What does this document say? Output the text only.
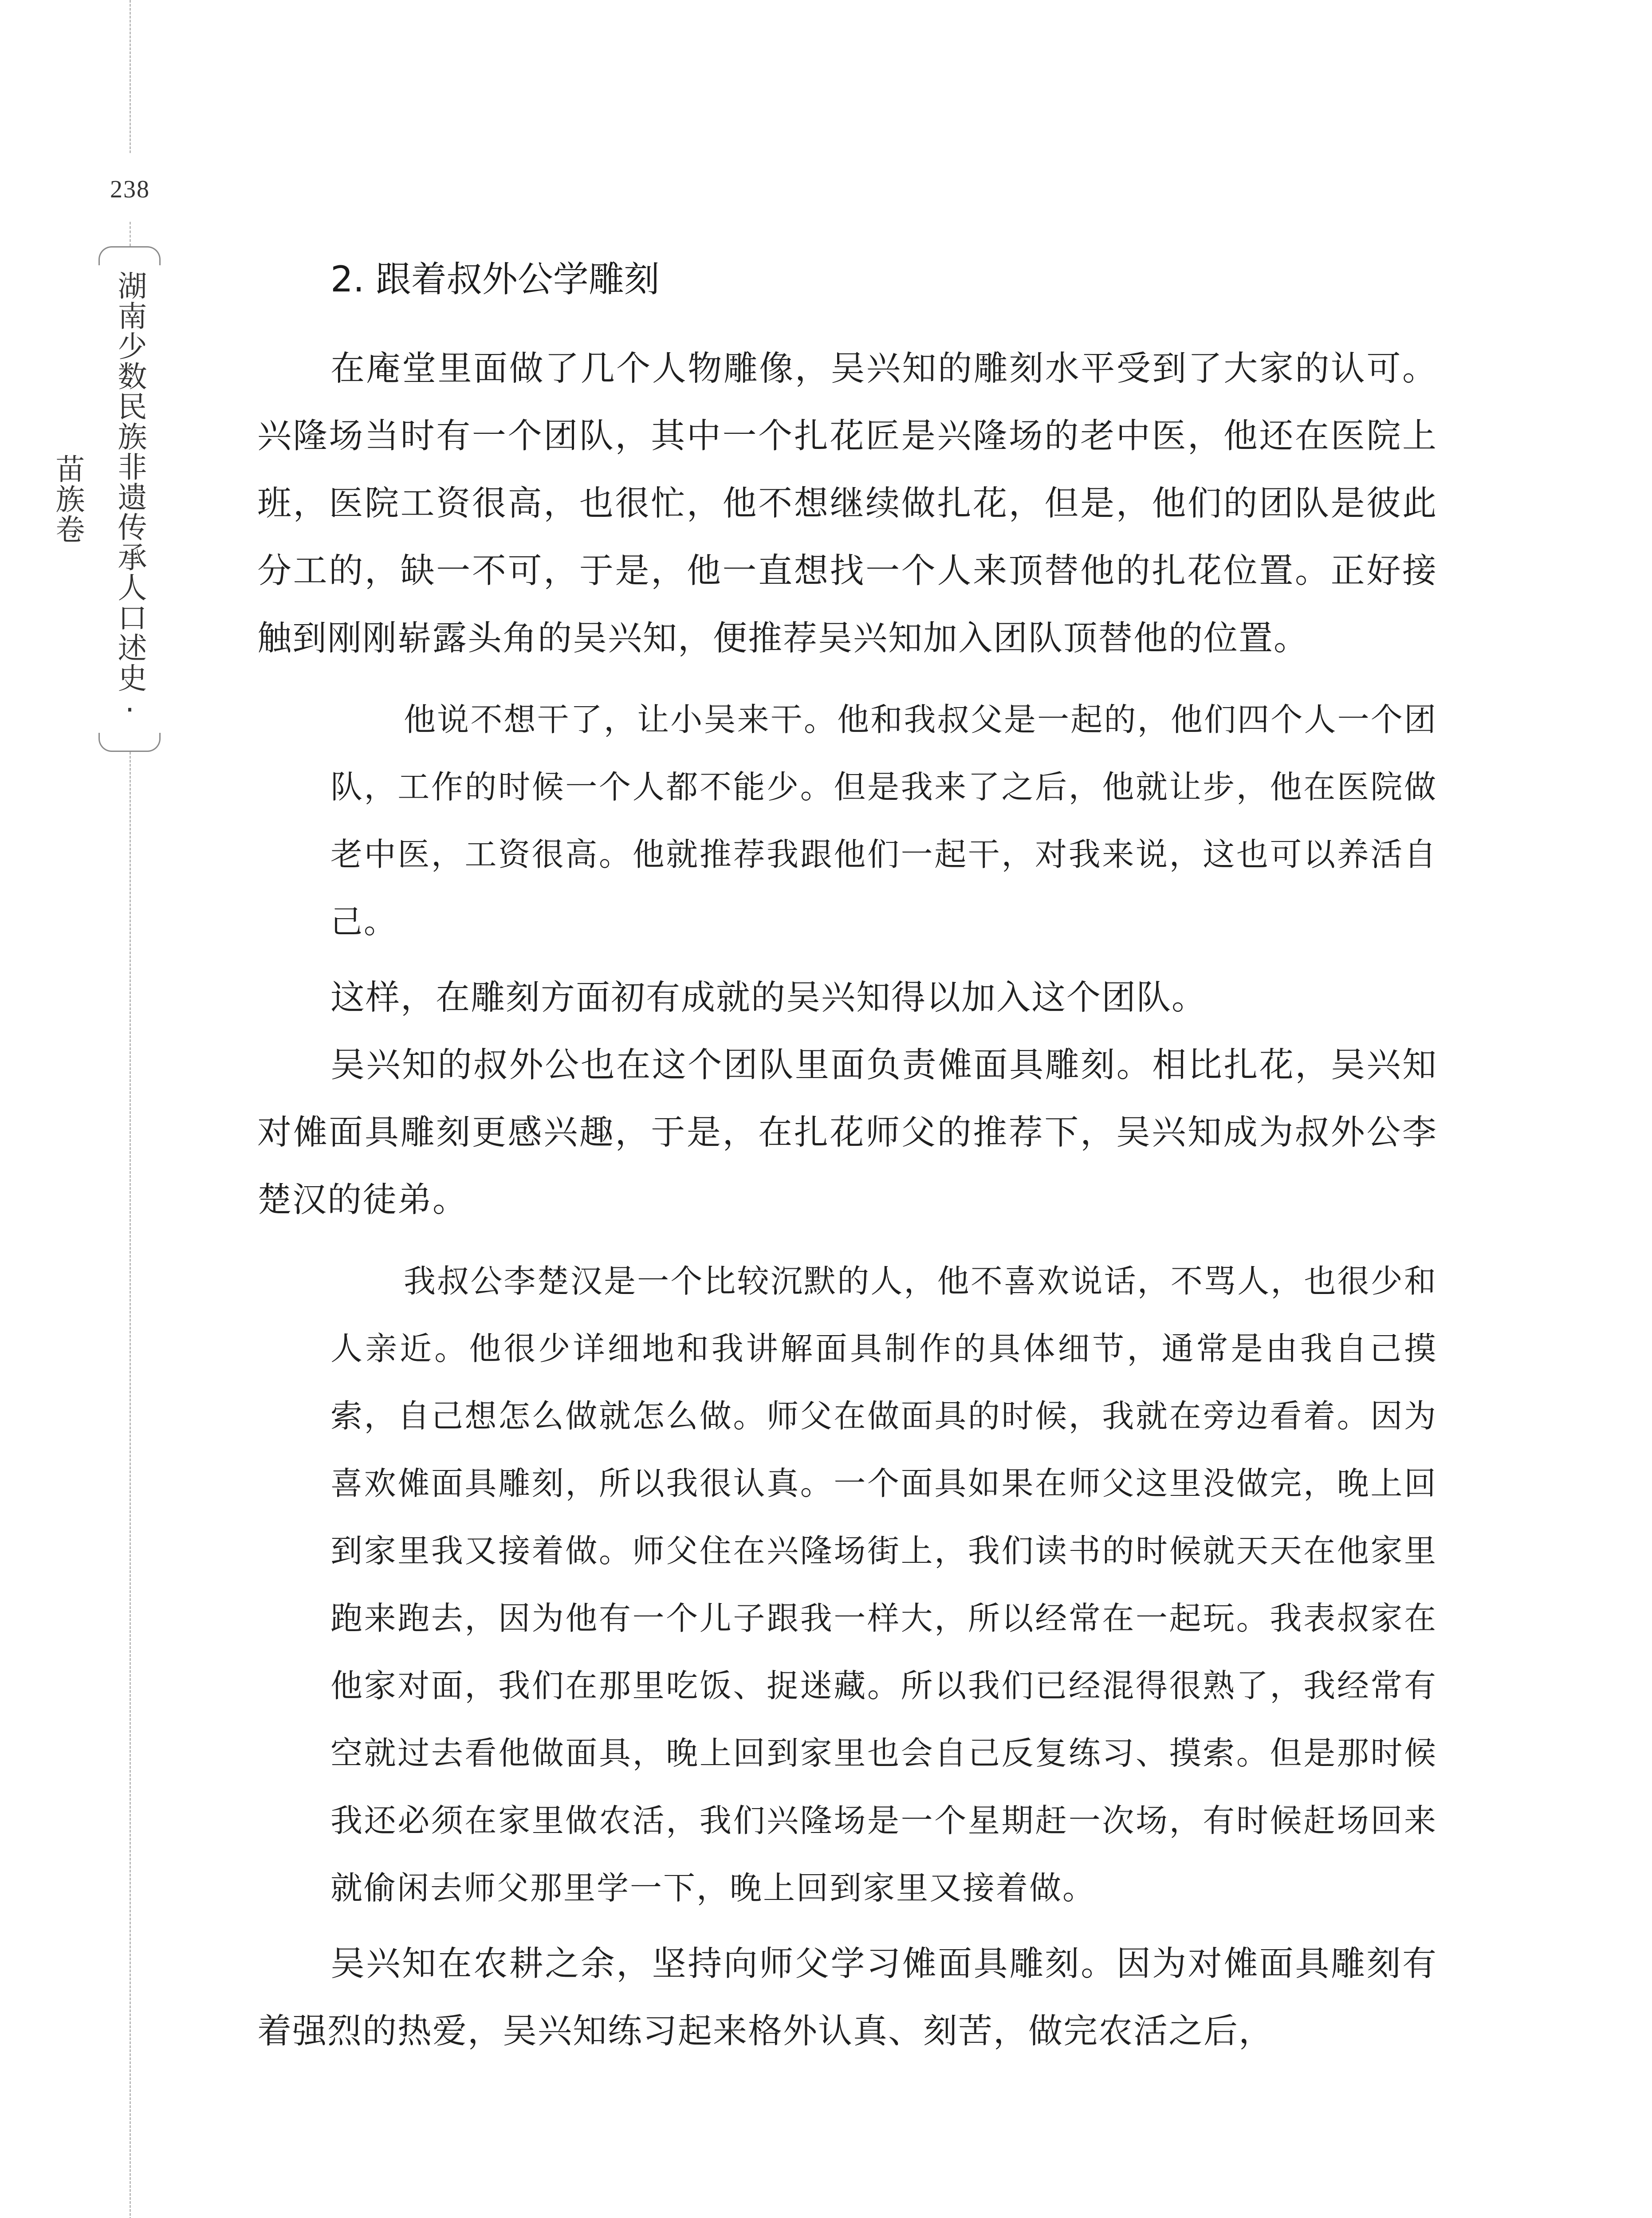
238
湖南少数民族非遗传承人口述史·苗族卷
2. 跟着叔外公学雕刻

在庵堂里面做了几个人物雕像，吴兴知的雕刻水平受到了大家的认可。兴隆场当时有一个团队，其中一个扎花匠是兴隆场的老中医，他还在医院上班，医院工资很高，也很忙，他不想继续做扎花，但是，他们的团队是彼此分工的，缺一不可，于是，他一直想找一个人来顶替他的扎花位置。正好接触到刚刚崭露头角的吴兴知，便推荐吴兴知加入团队顶替他的位置。

他说不想干了，让小吴来干。他和我叔父是一起的，他们四个人一个团队，工作的时候一个人都不能少。但是我来了之后，他就让步，他在医院做老中医，工资很高。他就推荐我跟他们一起干，对我来说，这也可以养活自己。

这样，在雕刻方面初有成就的吴兴知得以加入这个团队。

吴兴知的叔外公也在这个团队里面负责傩面具雕刻。相比扎花，吴兴知对傩面具雕刻更感兴趣，于是，在扎花师父的推荐下，吴兴知成为叔外公李楚汉的徒弟。

我叔公李楚汉是一个比较沉默的人，他不喜欢说话，不骂人，也很少和人亲近。他很少详细地和我讲解面具制作的具体细节，通常是由我自己摸索，自己想怎么做就怎么做。师父在做面具的时候，我就在旁边看着。因为喜欢傩面具雕刻，所以我很认真。一个面具如果在师父这里没做完，晚上回到家里我又接着做。师父住在兴隆场街上，我们读书的时候就天天在他家里跑来跑去，因为他有一个儿子跟我一样大，所以经常在一起玩。我表叔家在他家对面，我们在那里吃饭、捉迷藏。所以我们已经混得很熟了，我经常有空就过去看他做面具，晚上回到家里也会自己反复练习、摸索。但是那时候我还必须在家里做农活，我们兴隆场是一个星期赶一次场，有时候赶场回来就偷闲去师父那里学一下，晚上回到家里又接着做。

吴兴知在农耕之余，坚持向师父学习傩面具雕刻。因为对傩面具雕刻有着强烈的热爱，吴兴知练习起来格外认真、刻苦，做完农活之后，
